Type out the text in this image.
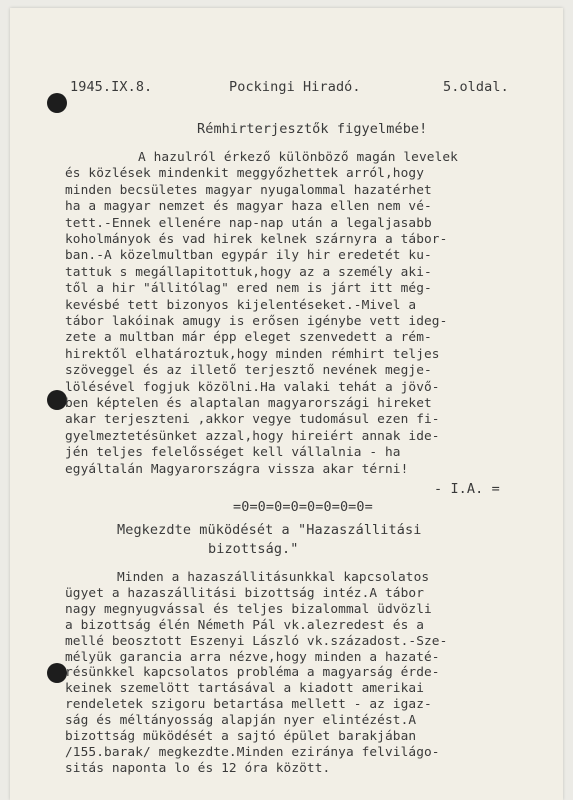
1945.IX.8.	Pockingi Hiradó.	5.oldal.
Rémhirterjesztők figyelmébe!
A hazulról érkező különböző magán levelek
és közlések mindenkit meggyőzhettek arról,hogy
minden becsületes magyar nyugalommal hazatérhet
ha a magyar nemzet és magyar haza ellen nem vé-
tett.-Ennek ellenére nap-nap után a legaljasabb
koholmányok és vad hirek kelnek szárnyra a tábor-
ban.-A közelmultban egypár ily hir eredetét ku-
tattuk s megállapitottuk,hogy az a személy aki-
től a hir "állitólag" ered nem is járt itt még-
kevésbé tett bizonyos kijelentéseket.-Mivel a
tábor lakóinak amugy is erősen igénybe vett ideg-
zete a multban már épp eleget szenvedett a rém-
hirektől elhatároztuk,hogy minden rémhirt teljes
szöveggel és az illető terjesztő nevének megje-
lölésével fogjuk közölni.Ha valaki tehát a jövő-
ben képtelen és alaptalan magyarországi hireket
akar terjeszteni ,akkor vegye tudomásul ezen fi-
gyelmeztetésünket azzal,hogy hireiért annak ide-
jén teljes felelősséget kell vállalnia - ha
egyáltalán Magyarországra vissza akar térni!
- I.A. =
=0=0=0=0=0=0=0=0=
Megkezdte müködését a "Hazaszállitási
bizottság."
Minden a hazaszállitásunkkal kapcsolatos
ügyet a hazaszállitási bizottság intéz.A tábor
nagy megnyugvással és teljes bizalommal üdvözli
a bizottság élén Németh Pál vk.alezredest és a
mellé beosztott Eszenyi László vk.századost.-Sze-
mélyük garancia arra nézve,hogy minden a hazaté-
résünkkel kapcsolatos probléma a magyarság érde-
keinek szemelött tartásával a kiadott amerikai
rendeletek szigoru betartása mellett - az igaz-
ság és méltányosság alapján nyer elintézést.A
bizottság müködését a sajtó épület barakjában
/155.barak/ megkezdte.Minden eziránya felvilágo-
sitás naponta lo és 12 óra között.
